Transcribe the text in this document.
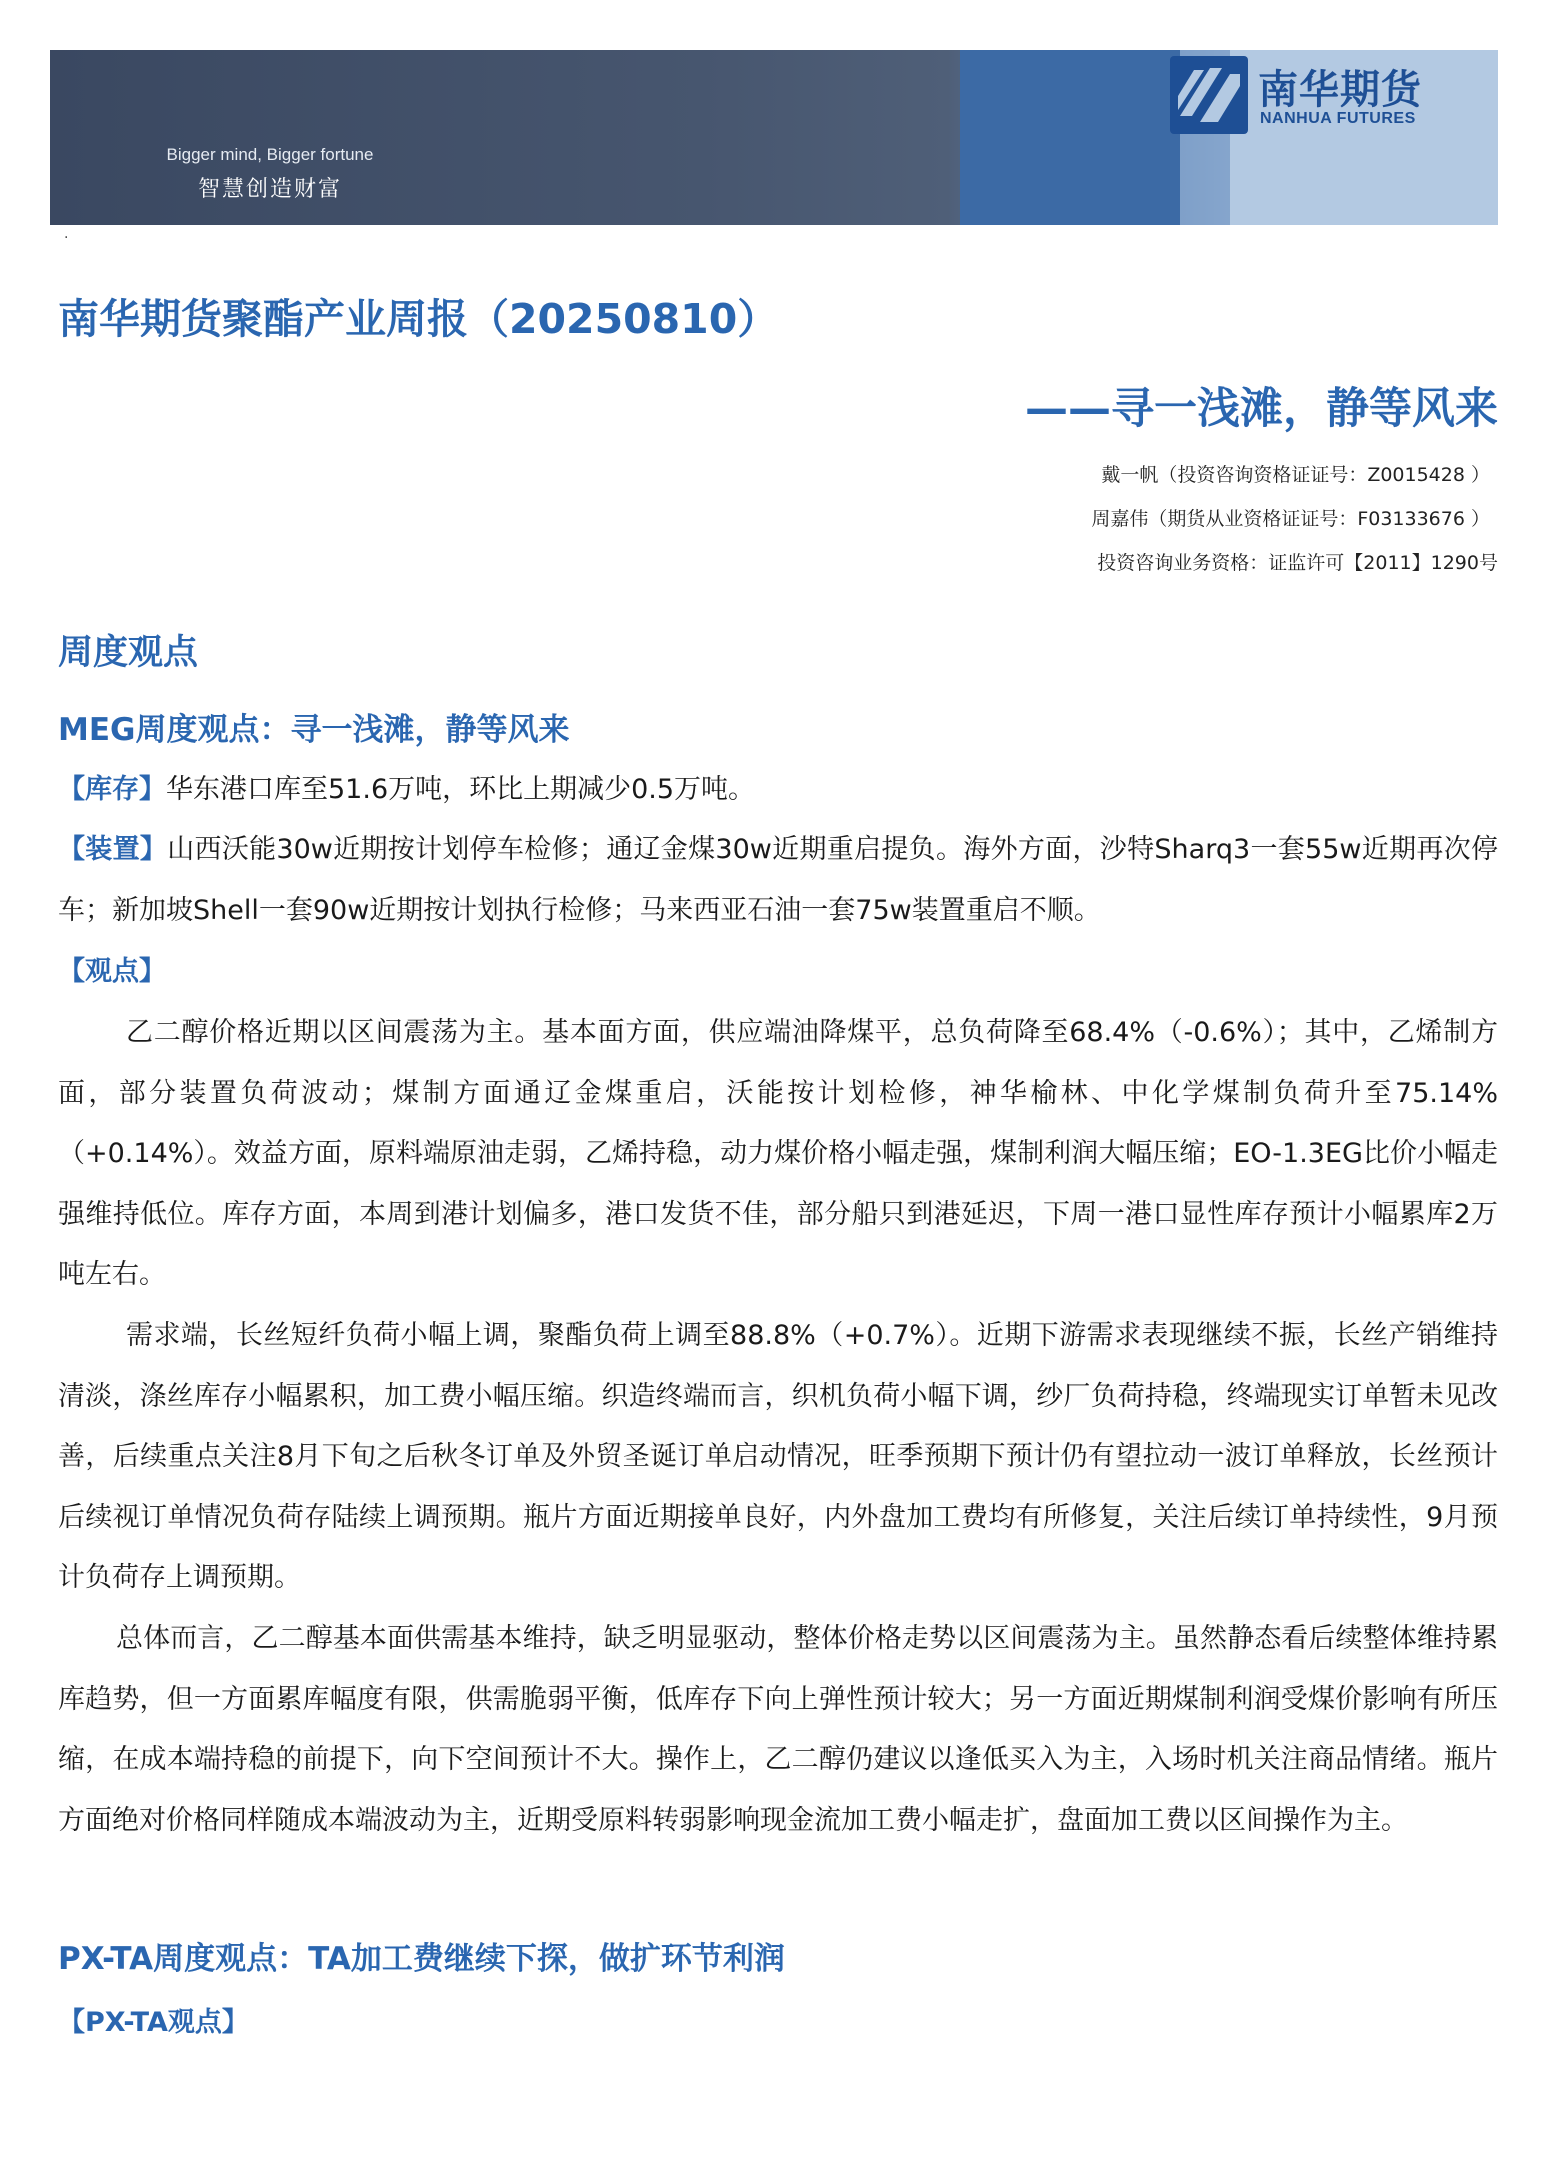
Bigger mind, Bigger fortune
智慧创造财富
南华期货
NANHUA FUTURES
·
南华期货聚酯产业周报（20250810）
——寻一浅滩，静等风来
戴一帆（投资咨询资格证证号：Z0015428 ）
周嘉伟（期货从业资格证证号：F03133676 ）
投资咨询业务资格：证监许可【2011】1290号
周度观点
MEG周度观点：寻一浅滩，静等风来
【库存】华东港口库至51.6万吨，环比上期减少0.5万吨。
【装置】山西沃能30w近期按计划停车检修；通辽金煤30w近期重启提负。海外方面，沙特Sharq3一套55w近期再次停车；新加坡Shell一套90w近期按计划执行检修；马来西亚石油一套75w装置重启不顺。
【观点】
乙二醇价格近期以区间震荡为主。基本面方面，供应端油降煤平，总负荷降至68.4%（-0.6%）；其中，乙烯制方面，部分装置负荷波动；煤制方面通辽金煤重启，沃能按计划检修，神华榆林、中化学煤制负荷升至75.14%（+0.14%）。效益方面，原料端原油走弱，乙烯持稳，动力煤价格小幅走强，煤制利润大幅压缩；EO-1.3EG比价小幅走强维持低位。库存方面，本周到港计划偏多，港口发货不佳，部分船只到港延迟，下周一港口显性库存预计小幅累库2万吨左右。
需求端，长丝短纤负荷小幅上调，聚酯负荷上调至88.8%（+0.7%）。近期下游需求表现继续不振，长丝产销维持清淡，涤丝库存小幅累积，加工费小幅压缩。织造终端而言，织机负荷小幅下调，纱厂负荷持稳，终端现实订单暂未见改善，后续重点关注8月下旬之后秋冬订单及外贸圣诞订单启动情况，旺季预期下预计仍有望拉动一波订单释放，长丝预计后续视订单情况负荷存陆续上调预期。瓶片方面近期接单良好，内外盘加工费均有所修复，关注后续订单持续性，9月预计负荷存上调预期。
总体而言，乙二醇基本面供需基本维持，缺乏明显驱动，整体价格走势以区间震荡为主。虽然静态看后续整体维持累库趋势，但一方面累库幅度有限，供需脆弱平衡，低库存下向上弹性预计较大；另一方面近期煤制利润受煤价影响有所压缩，在成本端持稳的前提下，向下空间预计不大。操作上，乙二醇仍建议以逢低买入为主，入场时机关注商品情绪。瓶片方面绝对价格同样随成本端波动为主，近期受原料转弱影响现金流加工费小幅走扩，盘面加工费以区间操作为主。
PX-TA周度观点：TA加工费继续下探，做扩环节利润
【PX-TA观点】
